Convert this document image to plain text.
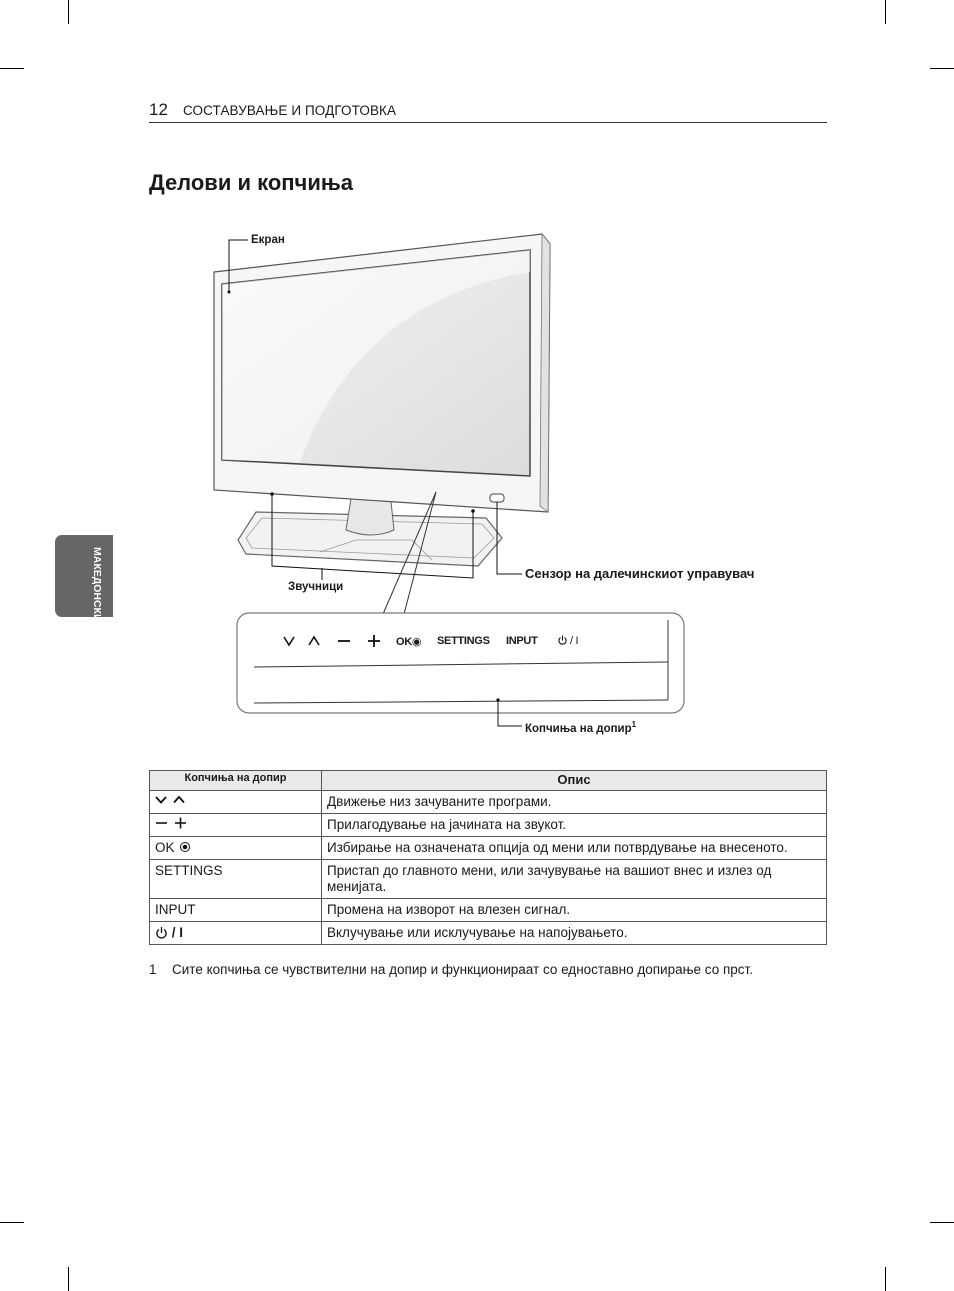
12 СОСТАВУВАЊЕ И ПОДГОТОВКА
Делови и копчиња
МАКЕДОНСКИ
OK◉ SETTINGS INPUT	/ I
Екран
Звучници
Сензор на далечинскиот управувач
Копчиња на допир$^1$
Копчиња на допир	Опис
	Движење низ зачуваните програми.
	Прилагодување на јачината на звукот.
OK	Избирање на означената опција од мени или потврдување на внесеното.
SETTINGS	Пристап до главното мени, или зачувување на вашиот внес и излез од менијата.
INPUT	Промена на изворот на влезен сигнал.
/ I	Вклучување или исклучување на напојувањето.
1 Сите копчиња се чувствителни на допир и функционираат со едноставно допирање со прст.
